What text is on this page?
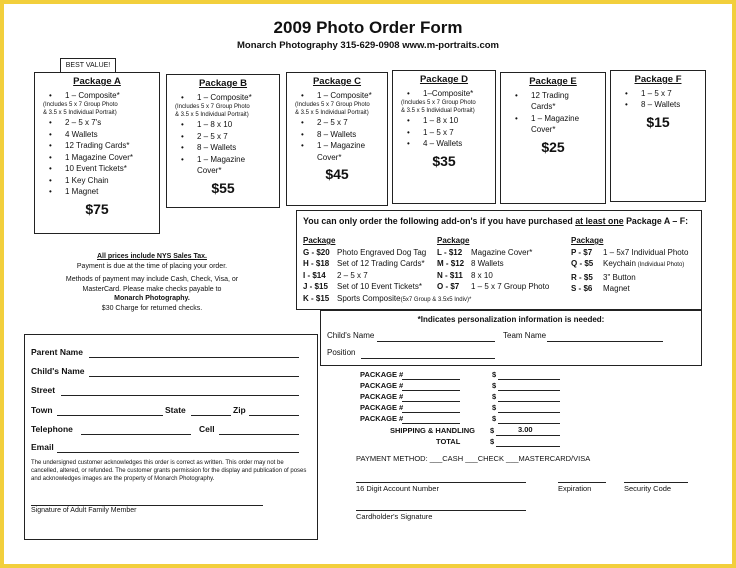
2009 Photo Order Form
Monarch Photography 315-629-0908 www.m-portraits.com
BEST VALUE!
Package A
• 1 – Composite*
(Includes 5 x 7 Group Photo
& 3.5 x 5 Individual Portrait)
• 2 – 5 x 7's
• 4 Wallets
• 12 Trading Cards*
• 1 Magazine Cover*
• 10 Event Tickets*
• 1 Key Chain
• 1 Magnet
$75
Package B
• 1 – Composite*
(Includes 5 x 7 Group Photo
& 3.5 x 5 Individual Portrait)
• 1 – 8 x 10
• 2 – 5 x 7
• 8 – Wallets
• 1 – Magazine
Cover*
$55
Package C
• 1 – Composite*
(Includes 5 x 7 Group Photo
& 3.5 x 5 Individual Portrait)
• 2 – 5 x 7
• 8 – Wallets
• 1 – Magazine
Cover*
$45
Package D
• 1–Composite*
(Includes 5 x 7 Group Photo
& 3.5 x 5 Individual Portrait)
• 1 – 8 x 10
• 1 – 5 x 7
• 4 – Wallets
$35
Package E
• 12 Trading
Cards*
• 1 – Magazine
Cover*
$25
Package F
• 1 – 5 x 7
• 8 – Wallets
$15
You can only order the following add-on's if you have purchased at least one Package A – F:
Package
G - $20 Photo Engraved Dog Tag
H - $18 Set of 12 Trading Cards*
I - $14 2 – 5 x 7
J - $15 Set of 10 Event Tickets*
K - $15 Sports Composite(5x7 Group & 3.5x5 Indiv)*
Package
L - $12 Magazine Cover*
M - $12 8 Wallets
N - $11 8 x 10
O - $7 1 – 5 x 7 Group Photo
Package
P - $7 1 – 5x7 Individual Photo
Q - $5 Keychain (Individual Photo)
R - $5 3" Button
S - $6 Magnet
All prices include NYS Sales Tax.
Payment is due at the time of placing your order.
Methods of payment may include Cash, Check, Visa, or
MasterCard. Please make checks payable to
Monarch Photography.
$30 Charge for returned checks.
Parent Name
Child's Name
Street
Town	State	Zip
Telephone	Cell
Email
The undersigned customer acknowledges this order is correct as written. This order may not be cancelled, altered, or refunded. The customer grants permission for the display and publication of poses and acknowledges images are the property of Monarch Photography.
Signature of Adult Family Member
*Indicates personalization information is needed:
Child's Name	Team Name
Position
PACKAGE #	$
PACKAGE #	$
PACKAGE #	$
PACKAGE #	$
PACKAGE #	$
SHIPPING & HANDLING $	3.00
TOTAL	$
PAYMENT METHOD: ___CASH ___CHECK ___MASTERCARD/VISA
16 Digit Account Number	Expiration	Security Code
Cardholder's Signature
